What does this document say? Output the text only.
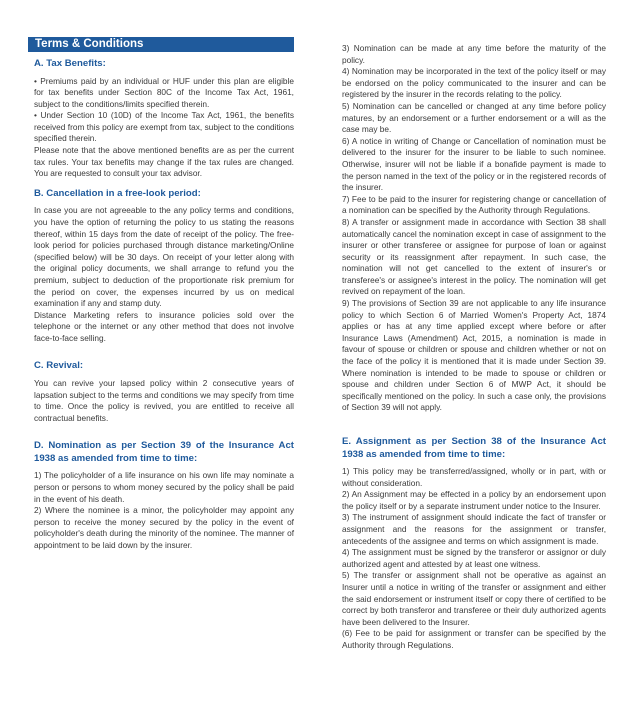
Terms & Conditions

A. Tax Benefits:

• Premiums paid by an individual or HUF under this plan are eligible for tax benefits under Section 80C of the Income Tax Act, 1961, subject to the conditions/limits specified therein.

• Under Section 10 (10D) of the Income Tax Act, 1961, the benefits received from this policy are exempt from tax, subject to the conditions specified therein.

Please note that the above mentioned benefits are as per the current tax rules. Your tax benefits may change if the tax rules are changed. You are requested to consult your tax advisor.

B. Cancellation in a free-look period:

In case you are not agreeable to the any policy terms and conditions, you have the option of returning the policy to us stating the reasons thereof, within 15 days from the date of receipt of the policy. The free-look period for policies purchased through distance marketing/Online (specified below) will be 30 days. On receipt of your letter along with the original policy documents, we shall arrange to refund you the premium, subject to deduction of the proportionate risk premium for the period on cover, the expenses incurred by us on medical examination if any and stamp duty.

Distance Marketing refers to insurance policies sold over the telephone or the internet or any other method that does not involve face-to-face selling.

C. Revival:

You can revive your lapsed policy within 2 consecutive years of lapsation subject to the terms and conditions we may specify from time to time. Once the policy is revived, you are entitled to receive all contractual benefits.

D. Nomination as per Section 39 of the Insurance Act 1938 as amended from time to time:

1) The policyholder of a life insurance on his own life may nominate a person or persons to whom money secured by the policy shall be paid in the event of his death.

2) Where the nominee is a minor, the policyholder may appoint any person to receive the money secured by the policy in the event of policyholder's death during the minority of the nominee. The manner of appointment to be laid down by the insurer.

3) Nomination can be made at any time before the maturity of the policy.

4) Nomination may be incorporated in the text of the policy itself or may be endorsed on the policy communicated to the insurer and can be registered by the insurer in the records relating to the policy.

5) Nomination can be cancelled or changed at any time before policy matures, by an endorsement or a further endorsement or a will as the case may be.

6) A notice in writing of Change or Cancellation of nomination must be delivered to the insurer for the insurer to be liable to such nominee. Otherwise, insurer will not be liable if a bonafide payment is made to the person named in the text of the policy or in the registered records of the insurer.

7) Fee to be paid to the insurer for registering change or cancellation of a nomination can be specified by the Authority through Regulations.

8) A transfer or assignment made in accordance with Section 38 shall automatically cancel the nomination except in case of assignment to the insurer or other transferee or assignee for purpose of loan or against security or its reassignment after repayment. In such case, the nomination will not get cancelled to the extent of insurer's or transferee's or assignee's interest in the policy. The nomination will get revived on repayment of the loan.

9) The provisions of Section 39 are not applicable to any life insurance policy to which Section 6 of Married Women's Property Act, 1874 applies or has at any time applied except where before or after Insurance Laws (Amendment) Act, 2015, a nomination is made in favour of spouse or children or spouse and children whether or not on the face of the policy it is mentioned that it is made under Section 39. Where nomination is intended to be made to spouse or children or spouse and children under Section 6 of MWP Act, it should be specifically mentioned on the policy. In such a case only, the provisions of Section 39 will not apply.

E. Assignment as per Section 38 of the Insurance Act 1938 as amended from time to time:

1) This policy may be transferred/assigned, wholly or in part, with or without consideration.

2) An Assignment may be effected in a policy by an endorsement upon the policy itself or by a separate instrument under notice to the Insurer.

3) The instrument of assignment should indicate the fact of transfer or assignment and the reasons for the assignment or transfer, antecedents of the assignee and terms on which assignment is made.

4) The assignment must be signed by the transferor or assignor or duly authorized agent and attested by at least one witness.

5) The transfer or assignment shall not be operative as against an Insurer until a notice in writing of the transfer or assignment and either the said endorsement or instrument itself or copy there of certified to be correct by both transferor and transferee or their duly authorized agents have been delivered to the Insurer.

(6) Fee to be paid for assignment or transfer can be specified by the Authority through Regulations.
